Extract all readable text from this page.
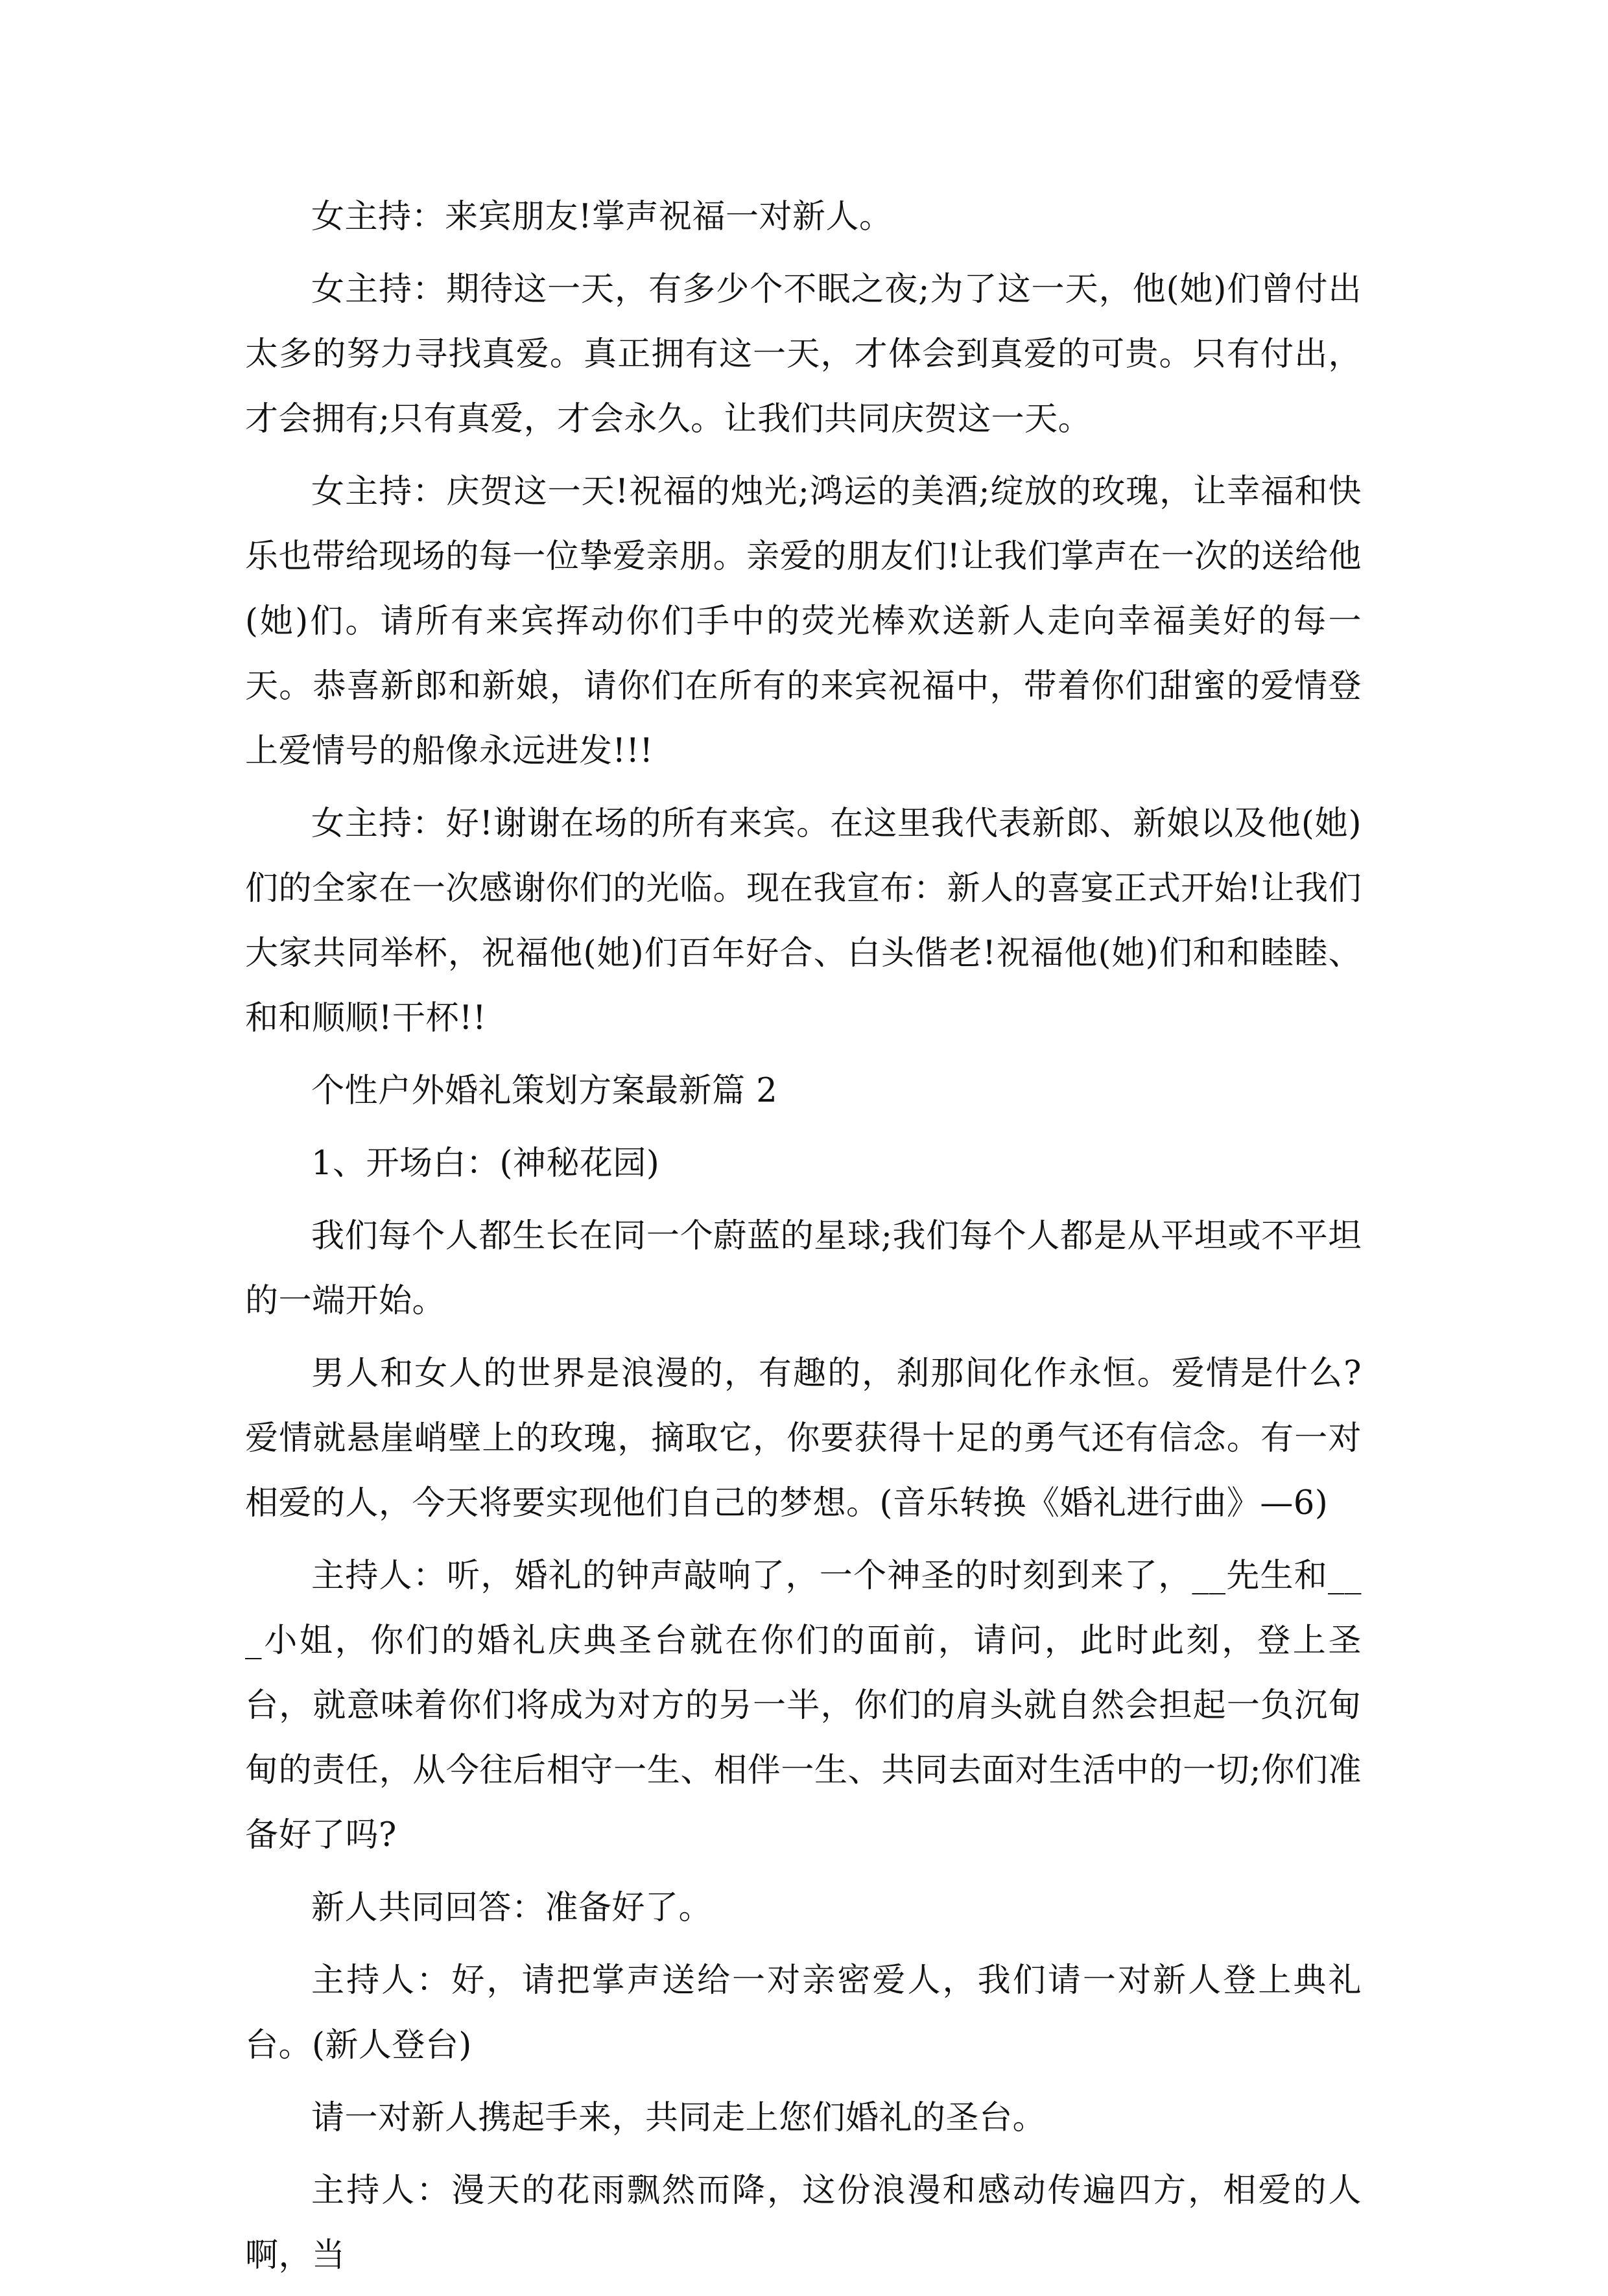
女主持：来宾朋友!掌声祝福一对新人。

女主持：期待这一天，有多少个不眠之夜;为了这一天，他(她)们曾付出太多的努力寻找真爱。真正拥有这一天，才体会到真爱的可贵。只有付出，才会拥有;只有真爱，才会永久。让我们共同庆贺这一天。

女主持：庆贺这一天!祝福的烛光;鸿运的美酒;绽放的玫瑰，让幸福和快乐也带给现场的每一位挚爱亲朋。亲爱的朋友们!让我们掌声在一次的送给他(她)们。请所有来宾挥动你们手中的荧光棒欢送新人走向幸福美好的每一天。恭喜新郎和新娘，请你们在所有的来宾祝福中，带着你们甜蜜的爱情登上爱情号的船像永远进发!!!

女主持：好!谢谢在场的所有来宾。在这里我代表新郎、新娘以及他(她)们的全家在一次感谢你们的光临。现在我宣布：新人的喜宴正式开始!让我们大家共同举杯，祝福他(她)们百年好合、白头偕老!祝福他(她)们和和睦睦、和和顺顺!干杯!!

个性户外婚礼策划方案最新篇 2

1、开场白：(神秘花园)

我们每个人都生长在同一个蔚蓝的星球;我们每个人都是从平坦或不平坦的一端开始。

男人和女人的世界是浪漫的，有趣的，刹那间化作永恒。爱情是什么?爱情就悬崖峭壁上的玫瑰，摘取它，你要获得十足的勇气还有信念。有一对相爱的人，今天将要实现他们自己的梦想。(音乐转换《婚礼进行曲》—6)

主持人：听，婚礼的钟声敲响了，一个神圣的时刻到来了，__先生和___小姐，你们的婚礼庆典圣台就在你们的面前，请问，此时此刻，登上圣台，就意味着你们将成为对方的另一半，你们的肩头就自然会担起一负沉甸甸的责任，从今往后相守一生、相伴一生、共同去面对生活中的一切;你们准备好了吗?

新人共同回答：准备好了。

主持人：好，请把掌声送给一对亲密爱人，我们请一对新人登上典礼台。(新人登台)

请一对新人携起手来，共同走上您们婚礼的圣台。

主持人：漫天的花雨飘然而降，这份浪漫和感动传遍四方，相爱的人啊，当
